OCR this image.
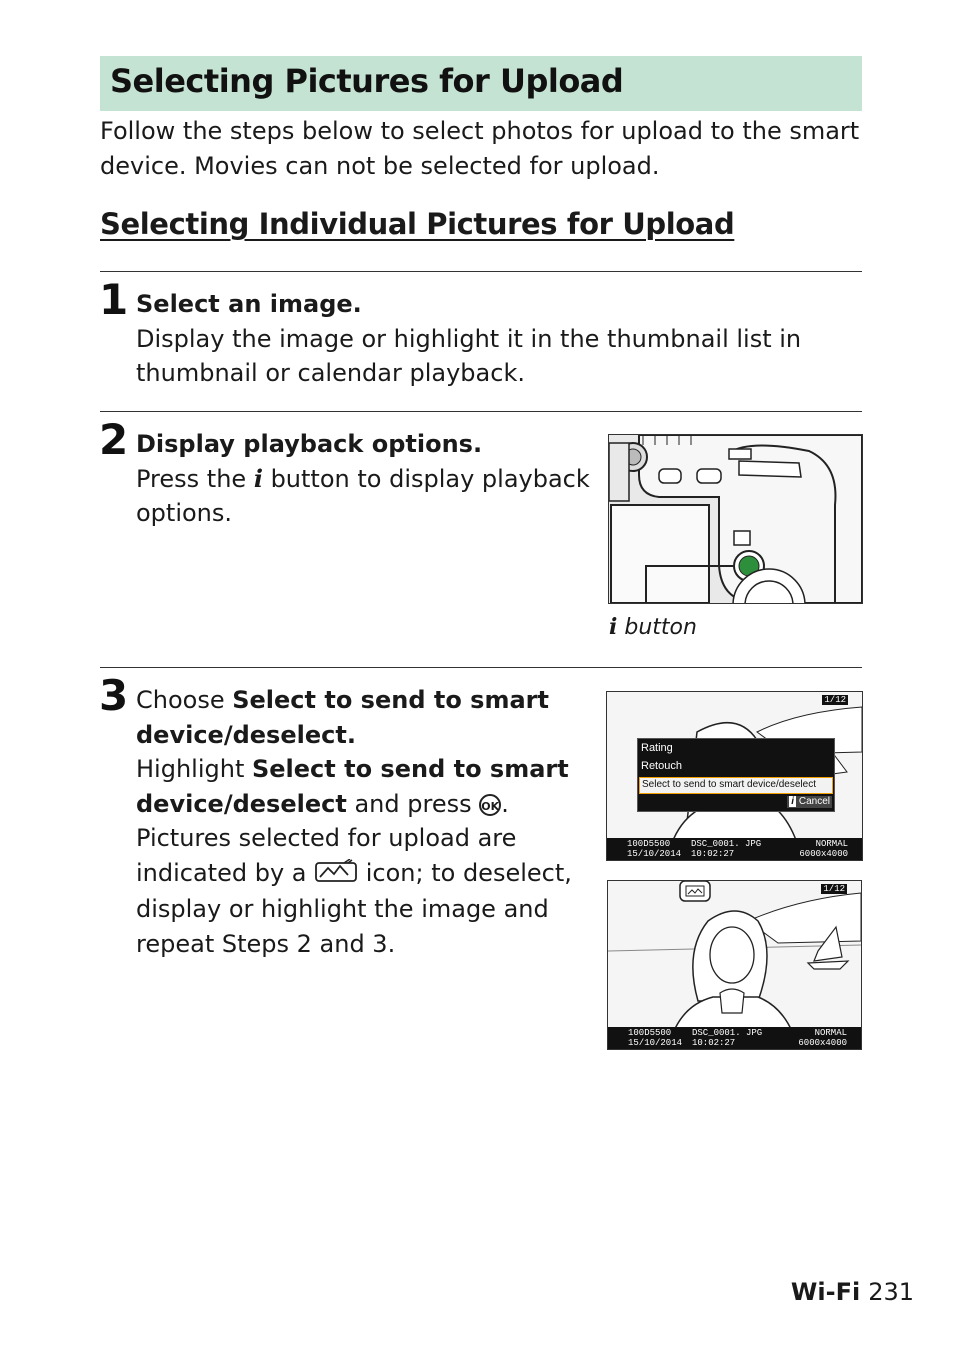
Selecting Pictures for Upload

Follow the steps below to select photos for upload to the smart device. Movies can not be selected for upload.

Selecting Individual Pictures for Upload
1 Select an image.

Display the image or highlight it in the thumbnail list in thumbnail or calendar playback.

2 Display playback options.

Press the i button to display playback options.

i button
3 Choose Select to send to smart device/deselect.

Highlight Select to send to smart device/deselect and press OK. Pictures selected for upload are indicated by a  icon; to deselect, display or highlight the image and repeat Steps 2 and 3.

Rating
Retouch
Select to send to smart device/deselect
i Cancel
1/12
100D5500 DSC_0001. JPG	NORMAL
15/10/2014 10:02:27	6000x4000
1/12
100D5500 DSC_0001. JPG	NORMAL
15/10/2014 10:02:27	6000x4000
Wi-Fi 231
